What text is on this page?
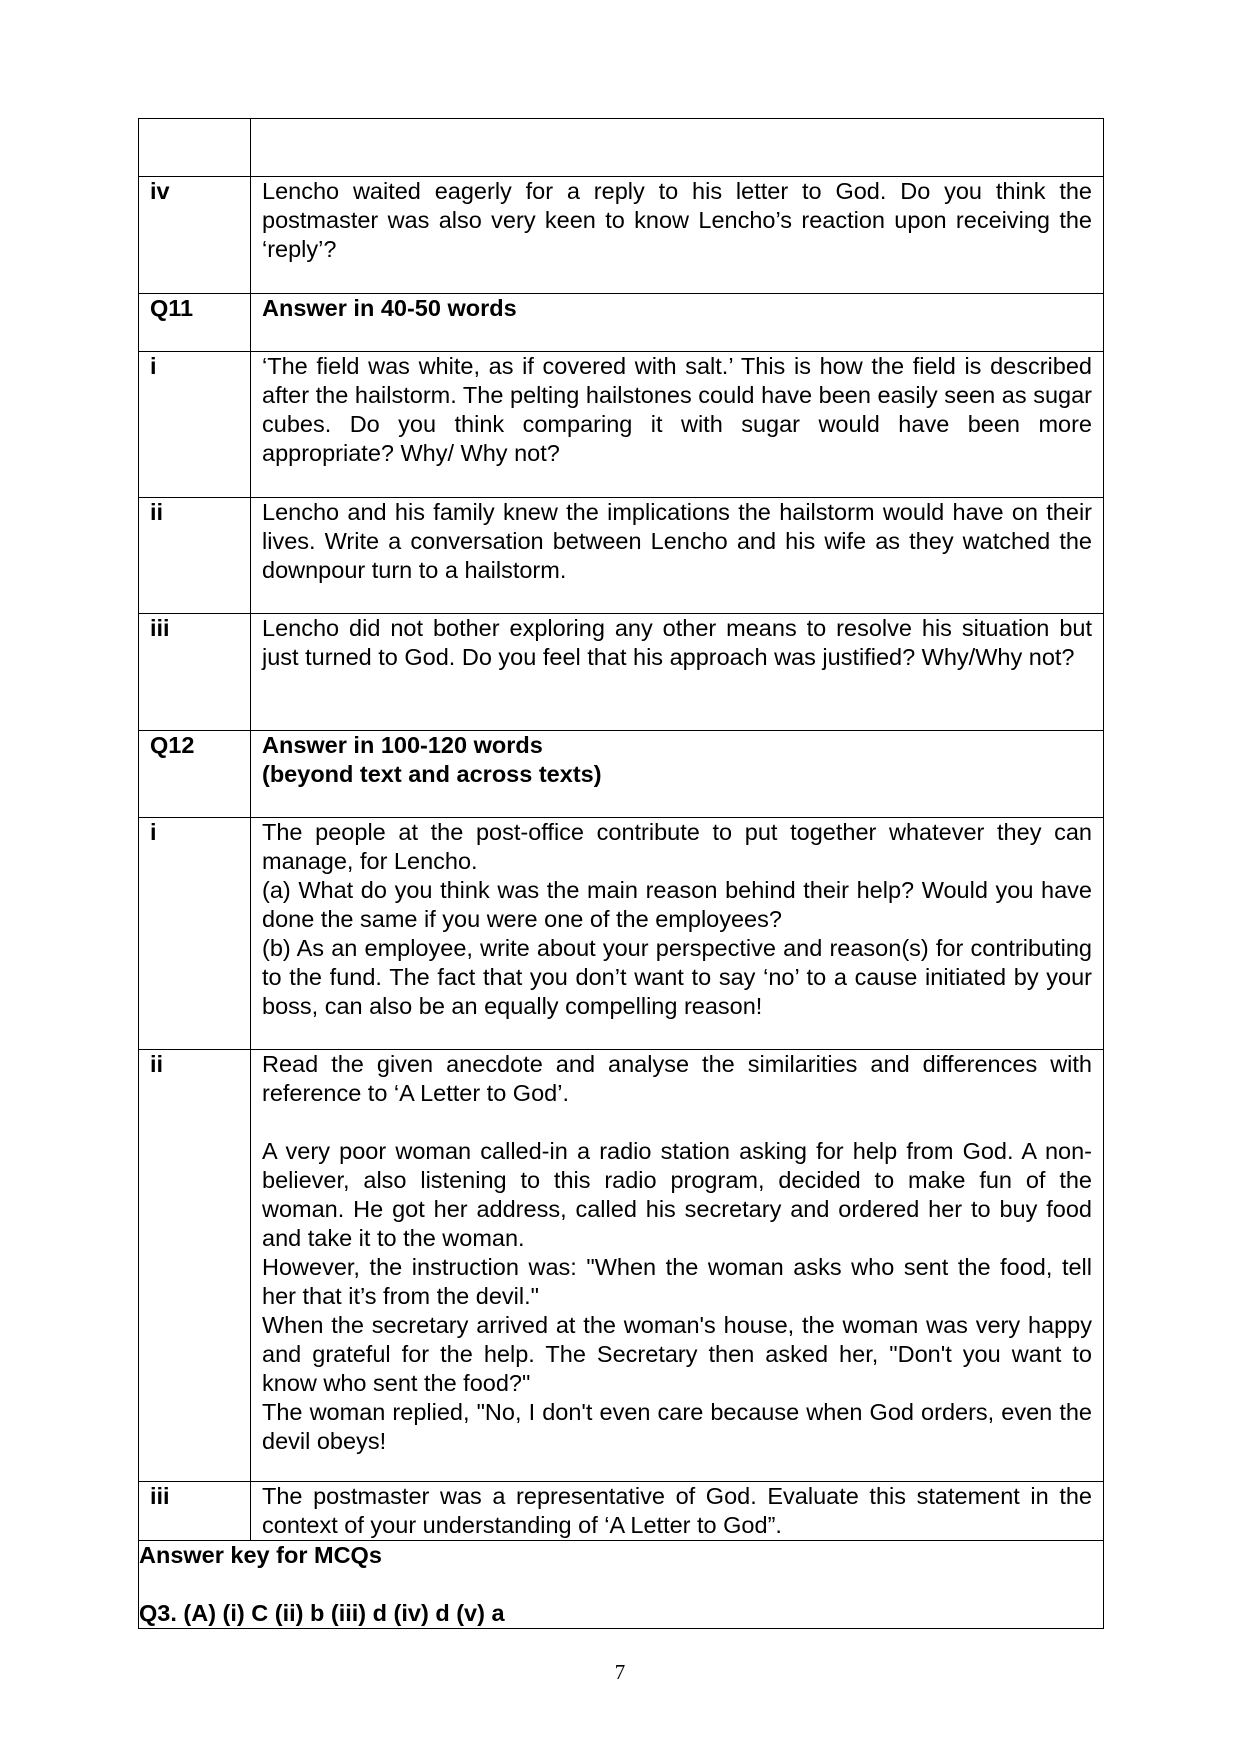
iv	Lencho waited eagerly for a reply to his letter to God. Do you think the postmaster was also very keen to know Lencho’s reaction upon receiving the ‘reply’?
Q11	Answer in 40-50 words
i	‘The field was white, as if covered with salt.’ This is how the field is described after the hailstorm. The pelting hailstones could have been easily seen as sugar cubes. Do you think comparing it with sugar would have been more appropriate? Why/ Why not?
ii	Lencho and his family knew the implications the hailstorm would have on their lives. Write a conversation between Lencho and his wife as they watched the downpour turn to a hailstorm.
iii	Lencho did not bother exploring any other means to resolve his situation but just turned to God. Do you feel that his approach was justified? Why/Why not?
Q12	Answer in 100-120 words
(beyond text and across texts)

i	The people at the post-office contribute to put together whatever they can manage, for Lencho.
(a) What do you think was the main reason behind their help? Would you have done the same if you were one of the employees?
(b) As an employee, write about your perspective and reason(s) for contributing to the fund. The fact that you don’t want to say ‘no’ to a cause initiated by your boss, can also be an equally compelling reason!

ii	Read the given anecdote and analyse the similarities and differences with reference to ‘A Letter to God’.
A very poor woman called-in a radio station asking for help from God. A non-believer, also listening to this radio program, decided to make fun of the woman. He got her address, called his secretary and ordered her to buy food and take it to the woman.
However, the instruction was: "When the woman asks who sent the food, tell her that it’s from the devil."
When the secretary arrived at the woman's house, the woman was very happy and grateful for the help. The Secretary then asked her, "Don't you want to know who sent the food?"
The woman replied, "No, I don't even care because when God orders, even the devil obeys!

iii	The postmaster was a representative of God. Evaluate this statement in the context of your understanding of ‘A Letter to God”.

Answer key for MCQs
Q3. (A) (i) C (ii) b (iii) d (iv) d (v) a	
7
